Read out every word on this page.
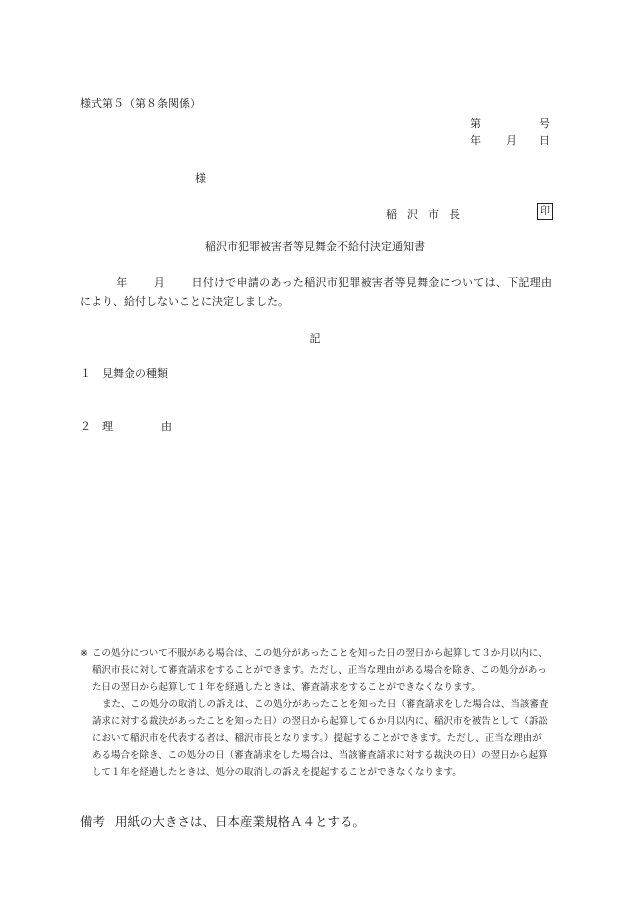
様式第５（第８条関係）
第	号
年 月 日
様
稲沢市長	印
稲沢市犯罪被害者等見舞金不給付決定通知書
年 月 日付けで申請のあった稲沢市犯罪被害者等見舞金については、下記理由により、給付しないことに決定しました。
記
１ 見舞金の種類
２ 理	由

※ この処分について不服がある場合は、この処分があったことを知った日の翌日から起算して３か月以内に、稲沢市長に対して審査請求をすることができます。ただし、正当な理由がある場合を除き、この処分があった日の翌日から起算して１年を経過したときは、審査請求をすることができなくなります。

また、この処分の取消しの訴えは、この処分があったことを知った日（審査請求をした場合は、当該審査請求に対する裁決があったことを知った日）の翌日から起算して６か月以内に、稲沢市を被告として（訴訟において稲沢市を代表する者は、稲沢市長となります。）提起することができます。ただし、正当な理由がある場合を除き、この処分の日（審査請求をした場合は、当該審査請求に対する裁決の日）の翌日から起算して１年を経過したときは、処分の取消しの訴えを提起することができなくなります。

備考 用紙の大きさは、日本産業規格Ａ４とする。
